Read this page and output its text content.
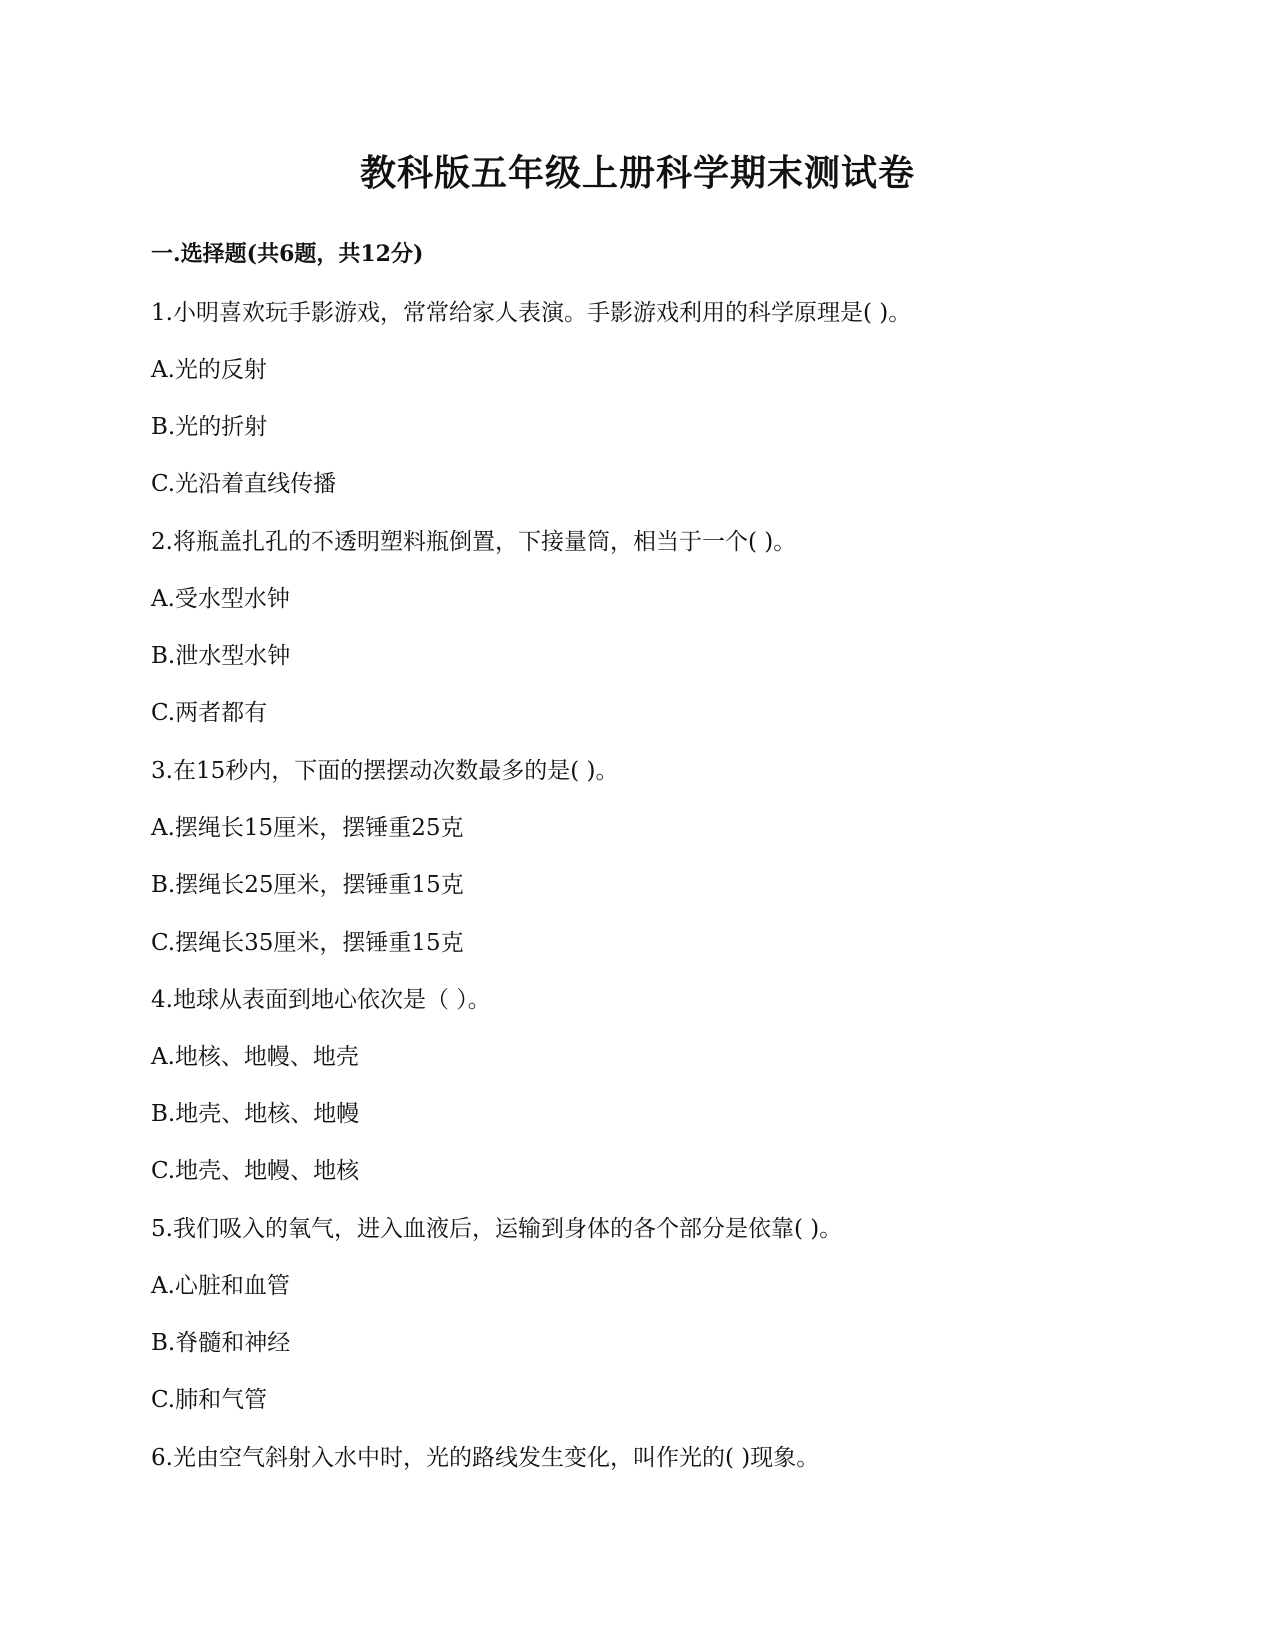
教科版五年级上册科学期末测试卷
一.选择题(共6题，共12分)
1.小明喜欢玩手影游戏，常常给家人表演。手影游戏利用的科学原理是( )。
A.光的反射
B.光的折射
C.光沿着直线传播
2.将瓶盖扎孔的不透明塑料瓶倒置，下接量筒，相当于一个( )。
A.受水型水钟
B.泄水型水钟
C.两者都有
3.在15秒内，下面的摆摆动次数最多的是( )。
A.摆绳长15厘米，摆锤重25克
B.摆绳长25厘米，摆锤重15克
C.摆绳长35厘米，摆锤重15克
4.地球从表面到地心依次是（ ）。
A.地核、地幔、地壳
B.地壳、地核、地幔
C.地壳、地幔、地核
5.我们吸入的氧气，进入血液后，运输到身体的各个部分是依靠( )。
A.心脏和血管
B.脊髓和神经
C.肺和气管
6.光由空气斜射入水中时，光的路线发生变化，叫作光的( )现象。
